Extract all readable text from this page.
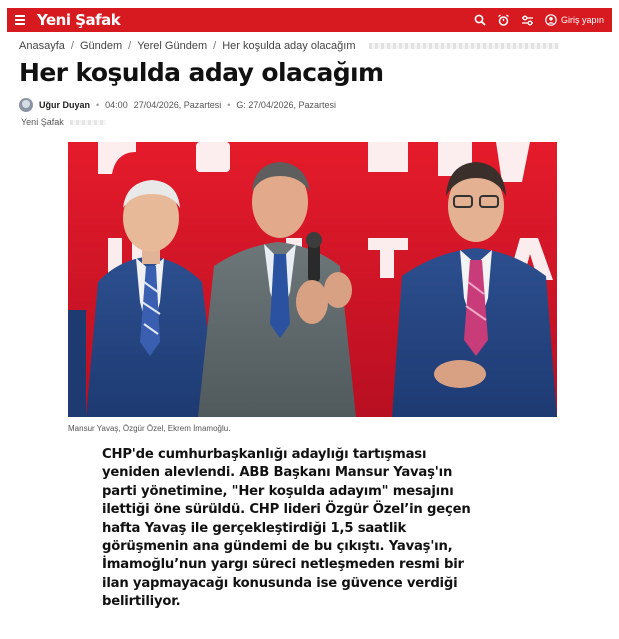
Yeni Şafak	Giriş yapın
Anasayfa / Gündem / Yerel Gündem / Her koşulda aday olacağım
Her koşulda aday olacağım
Uğur Duyan • 04:00 27/04/2026, Pazartesi • G: 27/04/2026, Pazartesi
Yeni Şafak
Mansur Yavaş, Özgür Özel, Ekrem İmamoğlu.

CHP'de cumhurbaşkanlığı adaylığı tartışması yeniden alevlendi. ABB Başkanı Mansur Yavaş'ın parti yönetimine, "Her koşulda adayım" mesajını ilettiği öne sürüldü. CHP lideri Özgür Özel’in geçen hafta Yavaş ile gerçekleştirdiği 1,5 saatlik görüşmenin ana gündemi de bu çıkıştı. Yavaş'ın, İmamoğlu’nun yargı süreci netleşmeden resmi bir ilan yapmayacağı konusunda ise güvence verdiği belirtiliyor.
